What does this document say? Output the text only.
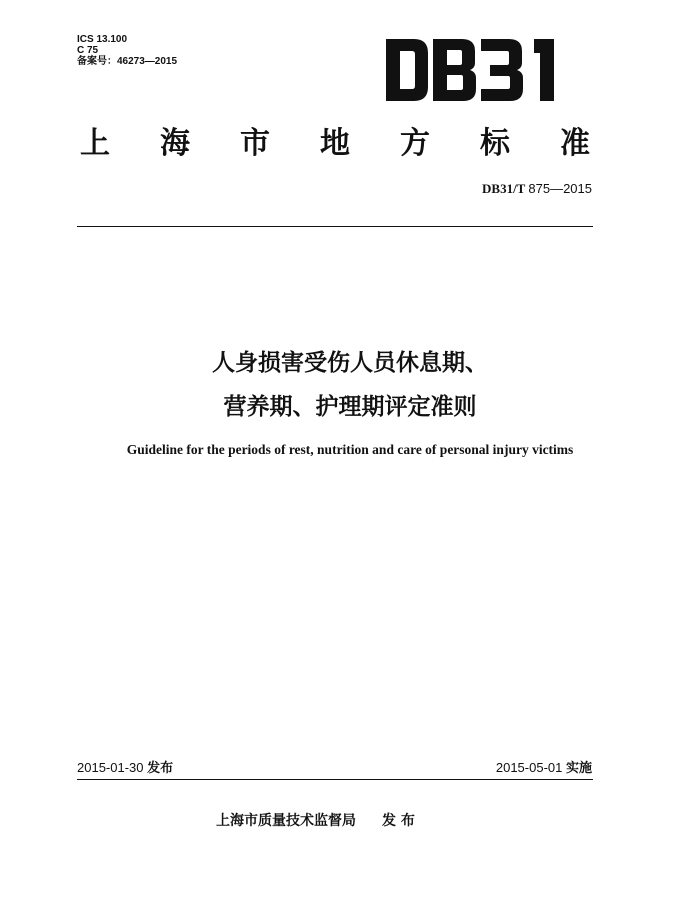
ICS 13.100
C 75
备案号：46273—2015
上 海 市 地 方 标 准
DB31/T 875—2015
人身损害受伤人员休息期、
营养期、护理期评定准则
Guideline for the periods of rest, nutrition and care of personal injury victims
2015-01-30 发布	2015-05-01 实施
上海市质量技术监督局 发 布
